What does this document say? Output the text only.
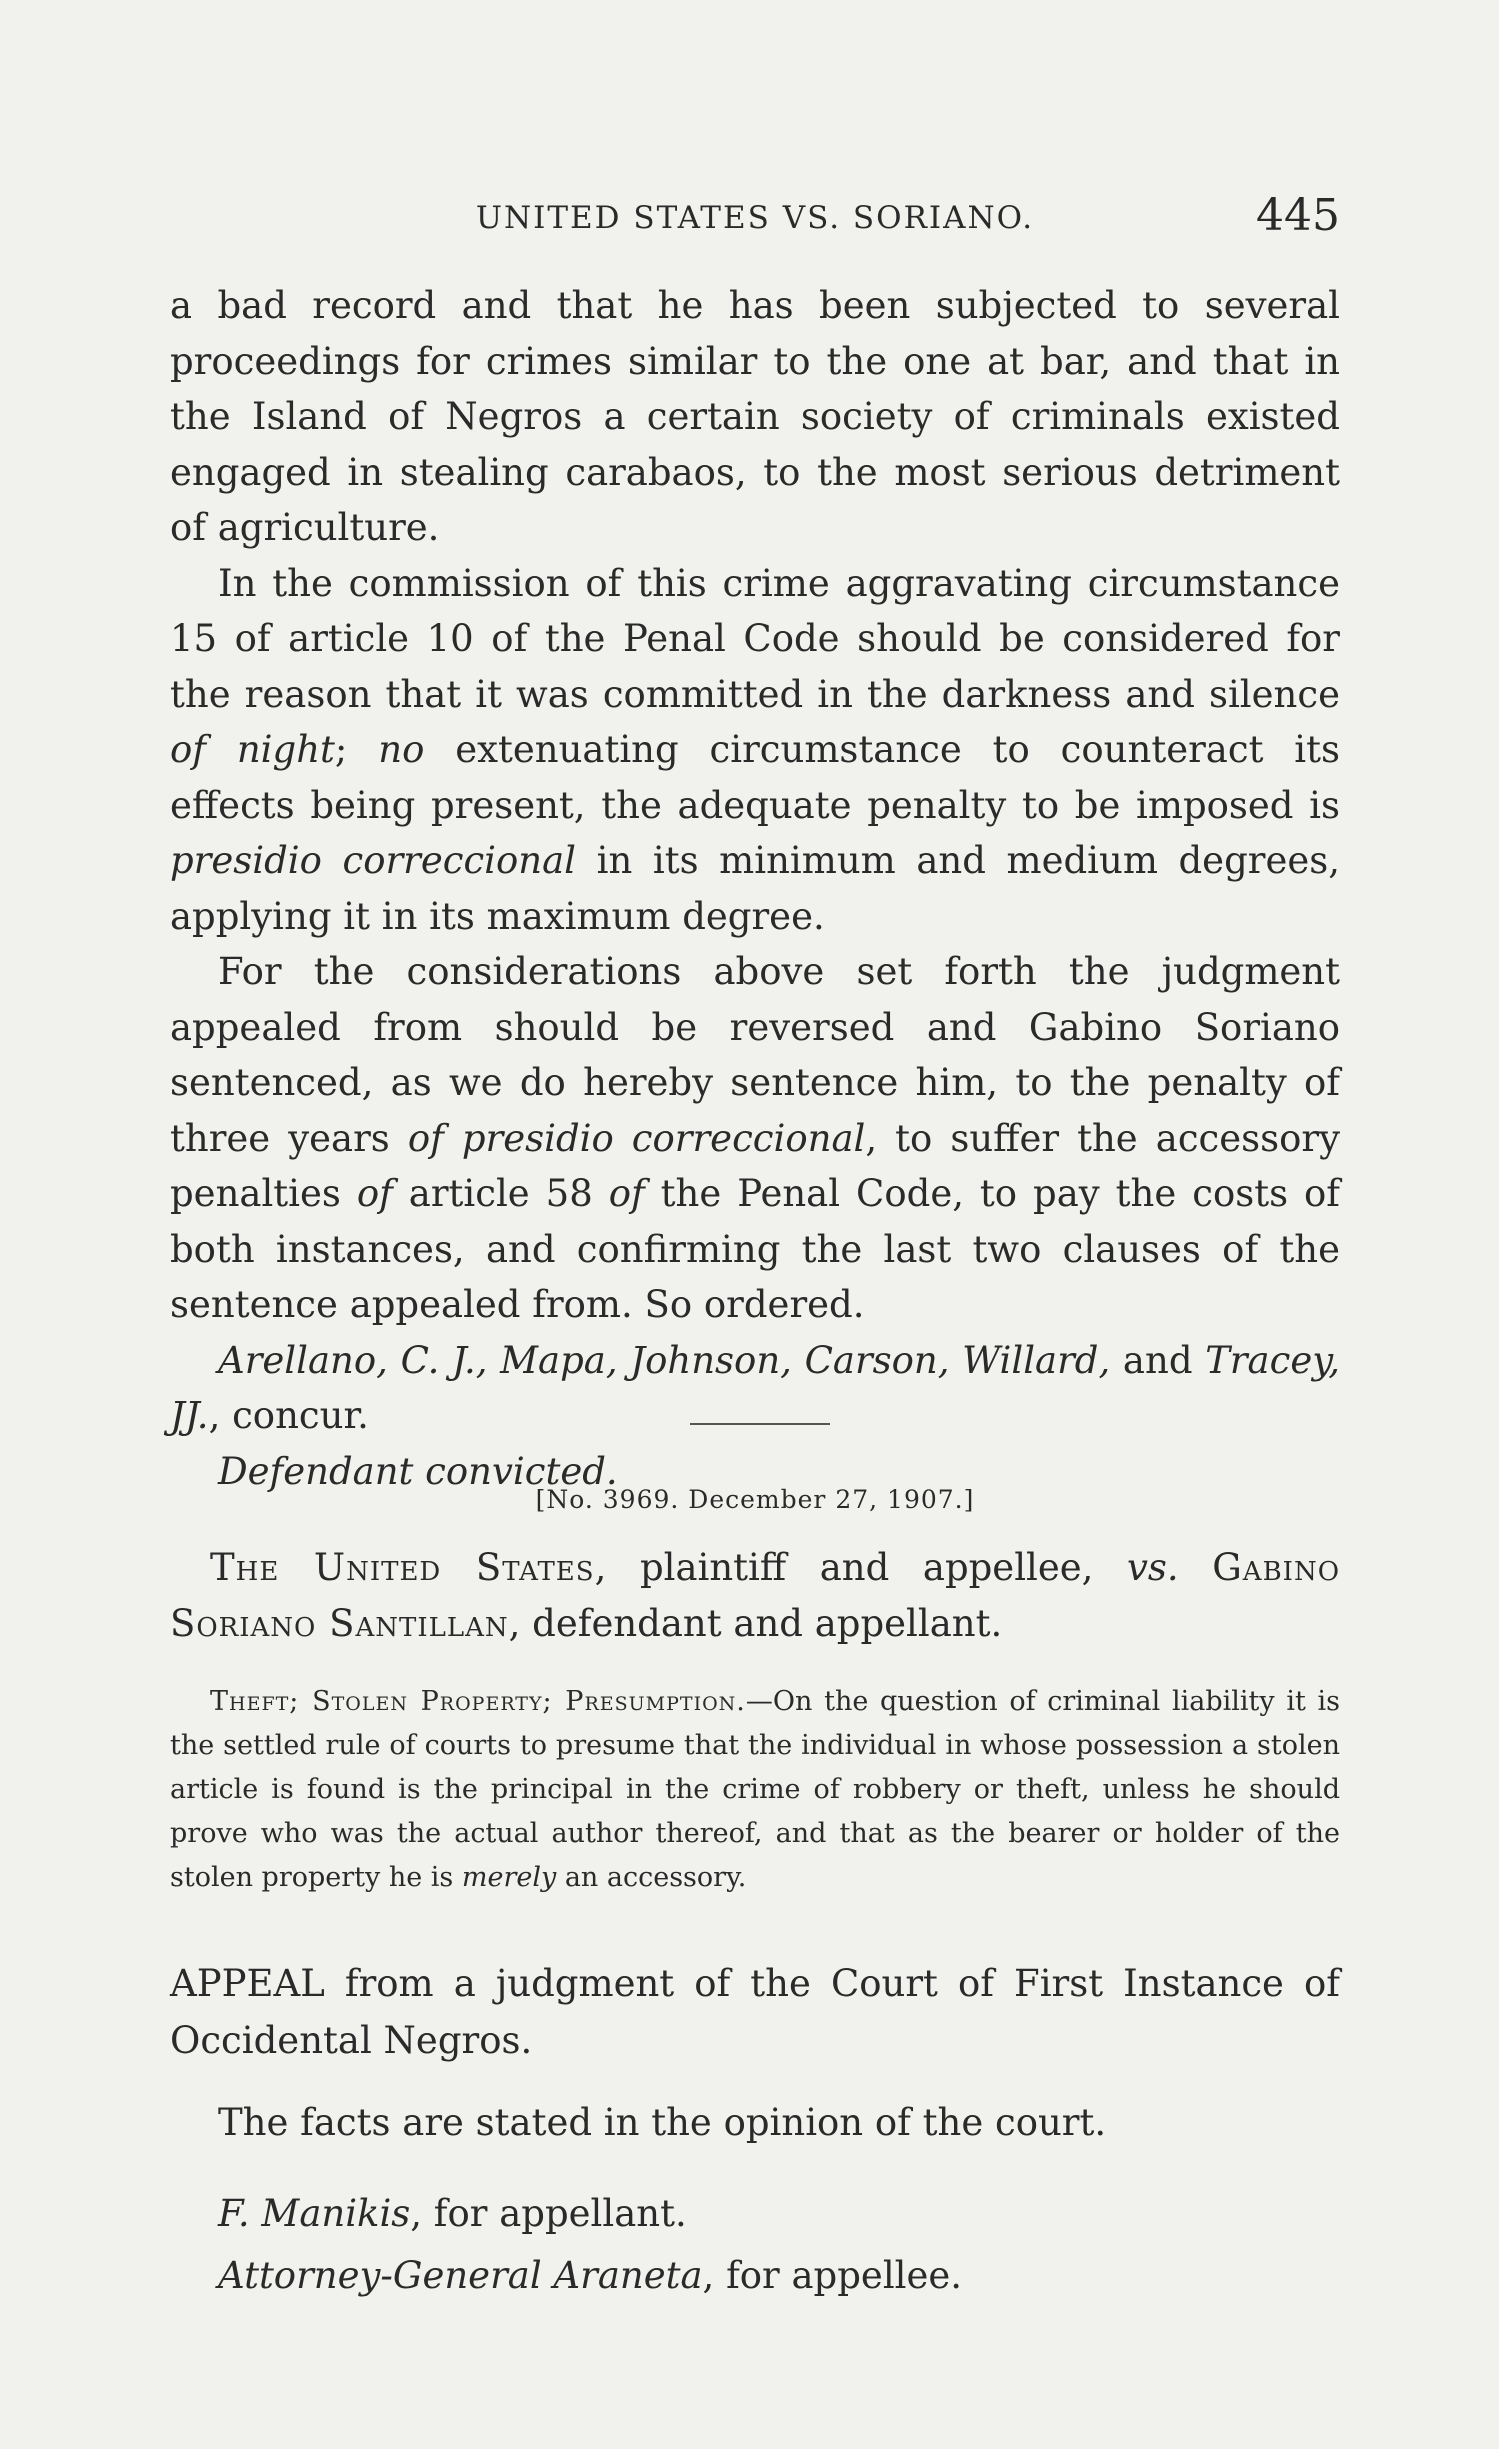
UNITED STATES VS. SORIANO.	445

a bad record and that he has been subjected to several proceedings for crimes similar to the one at bar, and that in the Island of Negros a certain society of criminals existed engaged in stealing carabaos, to the most serious detriment of agriculture.

In the commission of this crime aggravating circumstance 15 of article 10 of the Penal Code should be considered for the reason that it was committed in the darkness and silence of night; no extenuating circumstance to counteract its effects being present, the adequate penalty to be imposed is presidio correccional in its minimum and medium degrees, applying it in its maximum degree.

For the considerations above set forth the judgment appealed from should be reversed and Gabino Soriano sentenced, as we do hereby sentence him, to the penalty of three years of presidio correccional, to suffer the accessory penalties of article 58 of the Penal Code, to pay the costs of both instances, and confirming the last two clauses of the sentence appealed from. So ordered.

Arellano, C. J., Mapa, Johnson, Carson, Willard, and Tracey, JJ., concur.

Defendant convicted.

[No. 3969. December 27, 1907.]

The United States, plaintiff and appellee, vs. Gabino Soriano Santillan, defendant and appellant.

Theft; Stolen Property; Presumption.—On the question of criminal liability it is the settled rule of courts to presume that the individual in whose possession a stolen article is found is the principal in the crime of robbery or theft, unless he should prove who was the actual author thereof, and that as the bearer or holder of the stolen property he is merely an accessory.

APPEAL from a judgment of the Court of First Instance of Occidental Negros.

The facts are stated in the opinion of the court.

F. Manikis, for appellant.

Attorney-General Araneta, for appellee.
